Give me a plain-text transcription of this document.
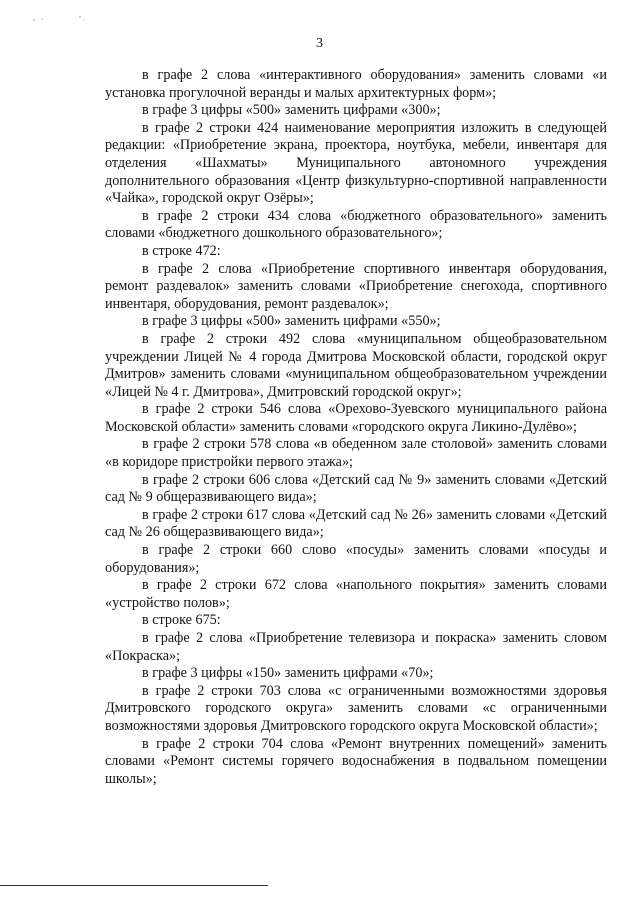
3

в графе 2 слова «интерактивного оборудования» заменить словами «и установка прогулочной веранды и малых архитектурных форм»;

в графе 3 цифры «500» заменить цифрами «300»;

в графе 2 строки 424 наименование мероприятия изложить в следующей редакции: «Приобретение экрана, проектора, ноутбука, мебели, инвентаря для отделения «Шахматы» Муниципального автономного учреждения дополнительного образования «Центр физкультурно-спортивной направленности «Чайка», городской округ Озёры»;

в графе 2 строки 434 слова «бюджетного образовательного» заменить словами «бюджетного дошкольного образовательного»;

в строке 472:

в графе 2 слова «Приобретение спортивного инвентаря оборудования, ремонт раздевалок» заменить словами «Приобретение снегохода, спортивного инвентаря, оборудования, ремонт раздевалок»;

в графе 3 цифры «500» заменить цифрами «550»;

в графе 2 строки 492 слова «муниципальном общеобразовательном учреждении Лицей № 4 города Дмитрова Московской области, городской округ Дмитров» заменить словами «муниципальном общеобразовательном учреждении «Лицей № 4 г. Дмитрова», Дмитровский городской округ»;

в графе 2 строки 546 слова «Орехово-Зуевского муниципального района Московской области» заменить словами «городского округа Ликино-Дулёво»;

в графе 2 строки 578 слова «в обеденном зале столовой» заменить словами «в коридоре пристройки первого этажа»;

в графе 2 строки 606 слова «Детский сад № 9» заменить словами «Детский сад № 9 общеразвивающего вида»;

в графе 2 строки 617 слова «Детский сад № 26» заменить словами «Детский сад № 26 общеразвивающего вида»;

в графе 2 строки 660 слово «посуды» заменить словами «посуды и оборудования»;

в графе 2 строки 672 слова «напольного покрытия» заменить словами «устройство полов»;

в строке 675:

в графе 2 слова «Приобретение телевизора и покраска» заменить словом «Покраска»;

в графе 3 цифры «150» заменить цифрами «70»;

в графе 2 строки 703 слова «с ограниченными возможностями здоровья Дмитровского городского округа» заменить словами «с ограниченными возможностями здоровья Дмитровского городского округа Московской области»;

в графе 2 строки 704 слова «Ремонт внутренних помещений» заменить словами «Ремонт системы горячего водоснабжения в подвальном помещении школы»;
